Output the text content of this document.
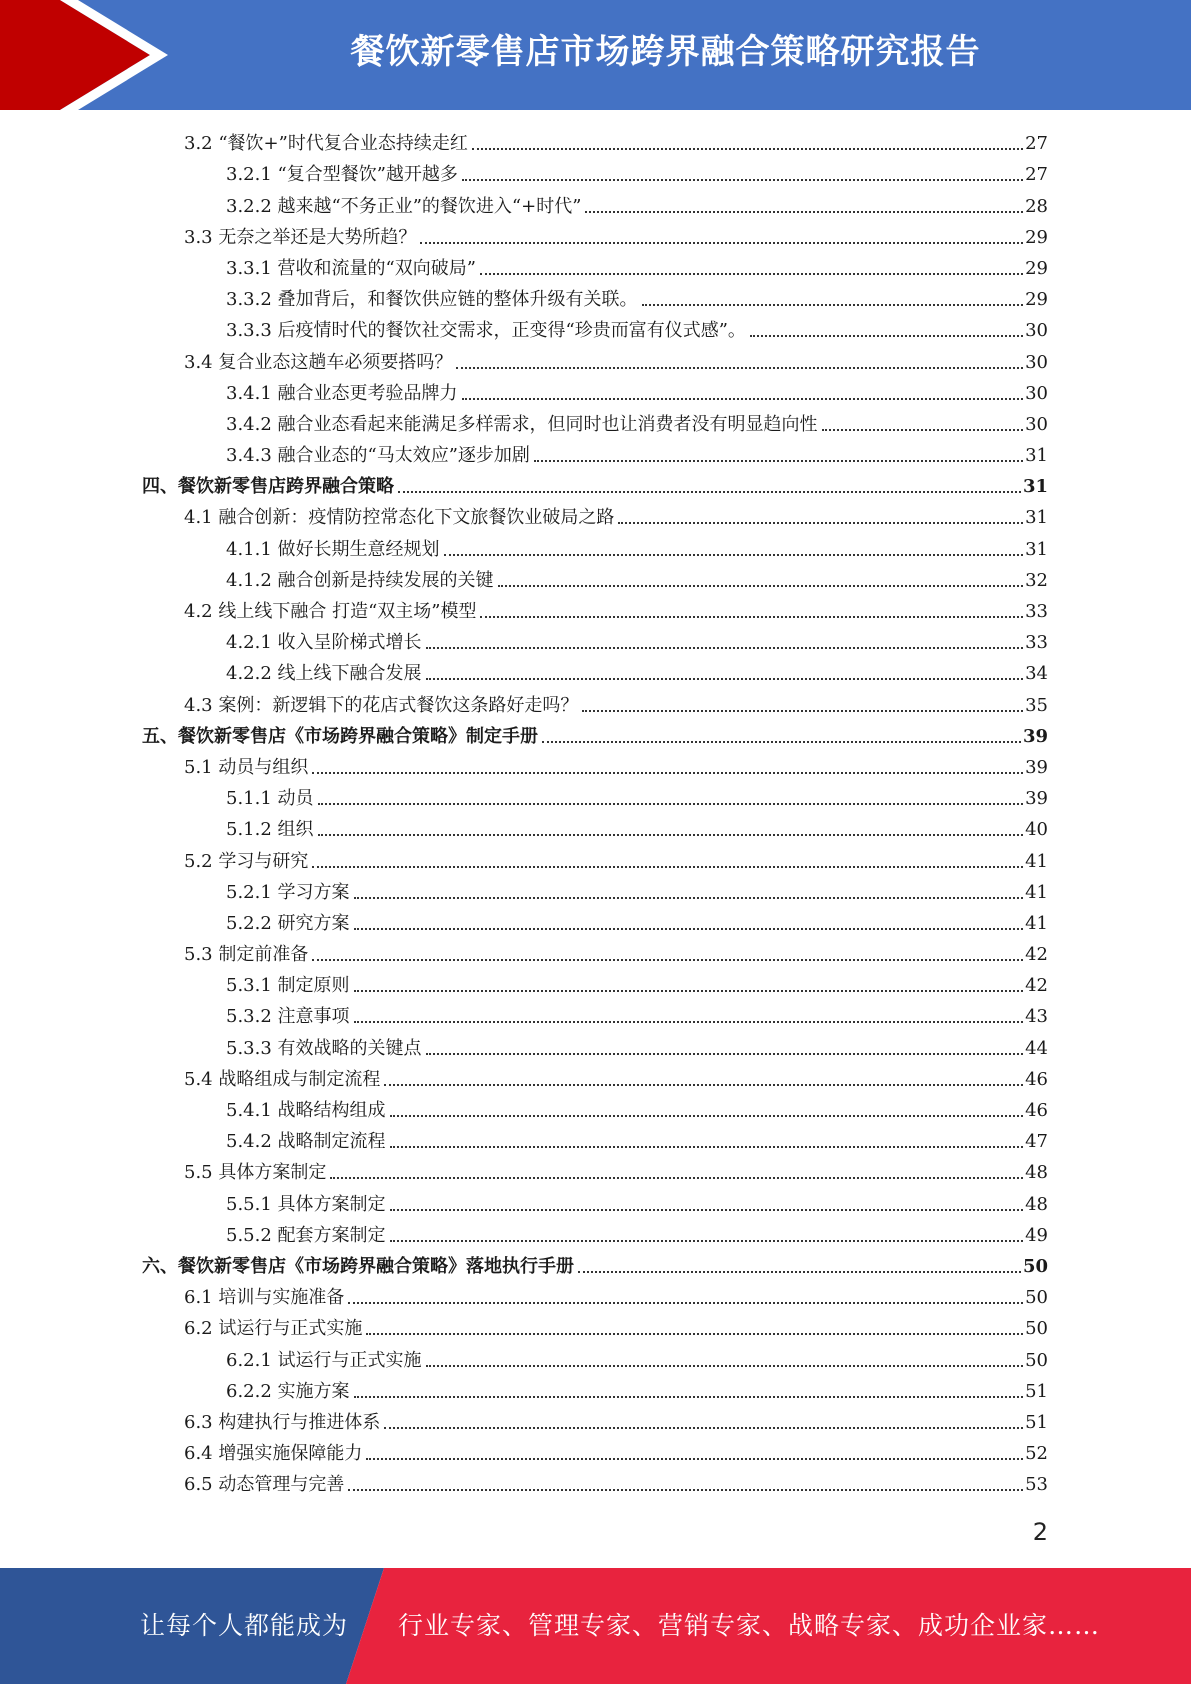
餐饮新零售店市场跨界融合策略研究报告
3.2 “餐饮+”时代复合业态持续走红	27
3.2.1 “复合型餐饮”越开越多	27
3.2.2 越来越“不务正业”的餐饮进入“+时代”	28
3.3 无奈之举还是大势所趋？	29
3.3.1 营收和流量的“双向破局”	29
3.3.2 叠加背后，和餐饮供应链的整体升级有关联。	29
3.3.3 后疫情时代的餐饮社交需求，正变得“珍贵而富有仪式感”。	30
3.4 复合业态这趟车必须要搭吗？	30
3.4.1 融合业态更考验品牌力	30
3.4.2 融合业态看起来能满足多样需求，但同时也让消费者没有明显趋向性	30
3.4.3 融合业态的“马太效应”逐步加剧	31
四、餐饮新零售店跨界融合策略	31
4.1 融合创新：疫情防控常态化下文旅餐饮业破局之路	31
4.1.1 做好长期生意经规划	31
4.1.2 融合创新是持续发展的关键	32
4.2 线上线下融合 打造“双主场”模型	33
4.2.1 收入呈阶梯式增长	33
4.2.2 线上线下融合发展	34
4.3 案例：新逻辑下的花店式餐饮这条路好走吗？	35
五、餐饮新零售店《市场跨界融合策略》制定手册	39
5.1 动员与组织	39
5.1.1 动员	39
5.1.2 组织	40
5.2 学习与研究	41
5.2.1 学习方案	41
5.2.2 研究方案	41
5.3 制定前准备	42
5.3.1 制定原则	42
5.3.2 注意事项	43
5.3.3 有效战略的关键点	44
5.4 战略组成与制定流程	46
5.4.1 战略结构组成	46
5.4.2 战略制定流程	47
5.5 具体方案制定	48
5.5.1 具体方案制定	48
5.5.2 配套方案制定	49
六、餐饮新零售店《市场跨界融合策略》落地执行手册	50
6.1 培训与实施准备	50
6.2 试运行与正式实施	50
6.2.1 试运行与正式实施	50
6.2.2 实施方案	51
6.3 构建执行与推进体系	51
6.4 增强实施保障能力	52
6.5 动态管理与完善	53
2
让每个人都能成为 行业专家、管理专家、营销专家、战略专家、成功企业家……
